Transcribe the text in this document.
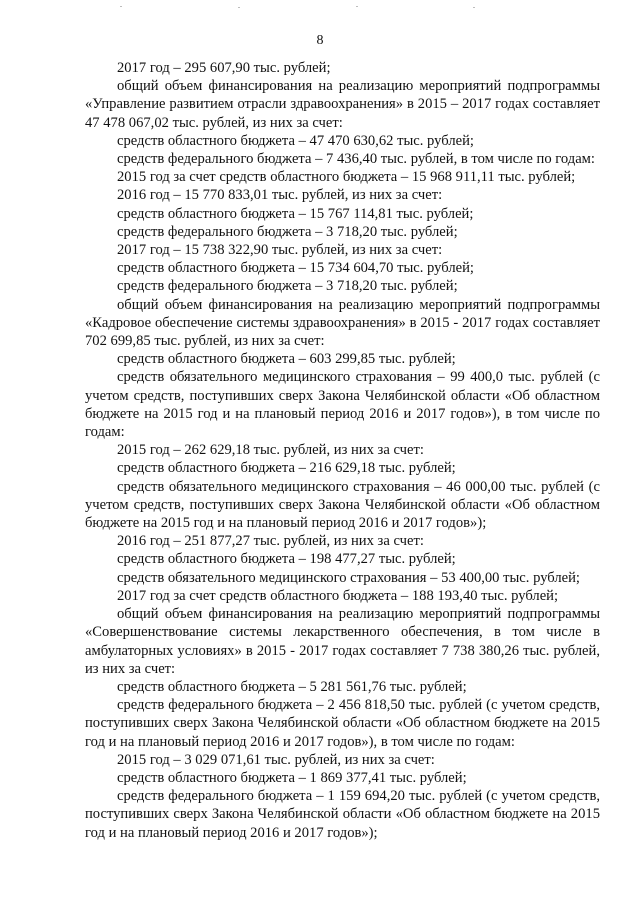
8

2017 год – 295 607,90 тыс. рублей;

общий объем финансирования на реализацию мероприятий подпрограммы «Управление развитием отрасли здравоохранения» в 2015 – 2017 годах составляет 47 478 067,02 тыс. рублей, из них за счет:

средств областного бюджета – 47 470 630,62 тыс. рублей;

средств федерального бюджета – 7 436,40 тыс. рублей, в том числе по годам:

2015 год за счет средств областного бюджета – 15 968 911,11 тыс. рублей;

2016 год – 15 770 833,01 тыс. рублей, из них за счет:

средств областного бюджета – 15 767 114,81 тыс. рублей;

средств федерального бюджета – 3 718,20 тыс. рублей;

2017 год – 15 738 322,90 тыс. рублей, из них за счет:

средств областного бюджета – 15 734 604,70 тыс. рублей;

средств федерального бюджета – 3 718,20 тыс. рублей;

общий объем финансирования на реализацию мероприятий подпрограммы «Кадровое обеспечение системы здравоохранения» в 2015 - 2017 годах составляет 702 699,85 тыс. рублей, из них за счет:

средств областного бюджета – 603 299,85 тыс. рублей;

средств обязательного медицинского страхования – 99 400,0 тыс. рублей (с учетом средств, поступивших сверх Закона Челябинской области «Об областном бюджете на 2015 год и на плановый период 2016 и 2017 годов»), в том числе по годам:

2015 год – 262 629,18 тыс. рублей, из них за счет:

средств областного бюджета – 216 629,18 тыс. рублей;

средств обязательного медицинского страхования – 46 000,00 тыс. рублей (с учетом средств, поступивших сверх Закона Челябинской области «Об областном бюджете на 2015 год и на плановый период 2016 и 2017 годов»);

2016 год – 251 877,27 тыс. рублей, из них за счет:

средств областного бюджета – 198 477,27 тыс. рублей;

средств обязательного медицинского страхования – 53 400,00 тыс. рублей;

2017 год за счет средств областного бюджета – 188 193,40 тыс. рублей;

общий объем финансирования на реализацию мероприятий подпрограммы «Совершенствование системы лекарственного обеспечения, в том числе в амбулаторных условиях» в 2015 - 2017 годах составляет 7 738 380,26 тыс. рублей, из них за счет:

средств областного бюджета – 5 281 561,76 тыс. рублей;

средств федерального бюджета – 2 456 818,50 тыс. рублей (с учетом средств, поступивших сверх Закона Челябинской области «Об областном бюджете на 2015 год и на плановый период 2016 и 2017 годов»), в том числе по годам:

2015 год – 3 029 071,61 тыс. рублей, из них за счет:

средств областного бюджета – 1 869 377,41 тыс. рублей;

средств федерального бюджета – 1 159 694,20 тыс. рублей (с учетом средств, поступивших сверх Закона Челябинской области «Об областном бюджете на 2015 год и на плановый период 2016 и 2017 годов»);
